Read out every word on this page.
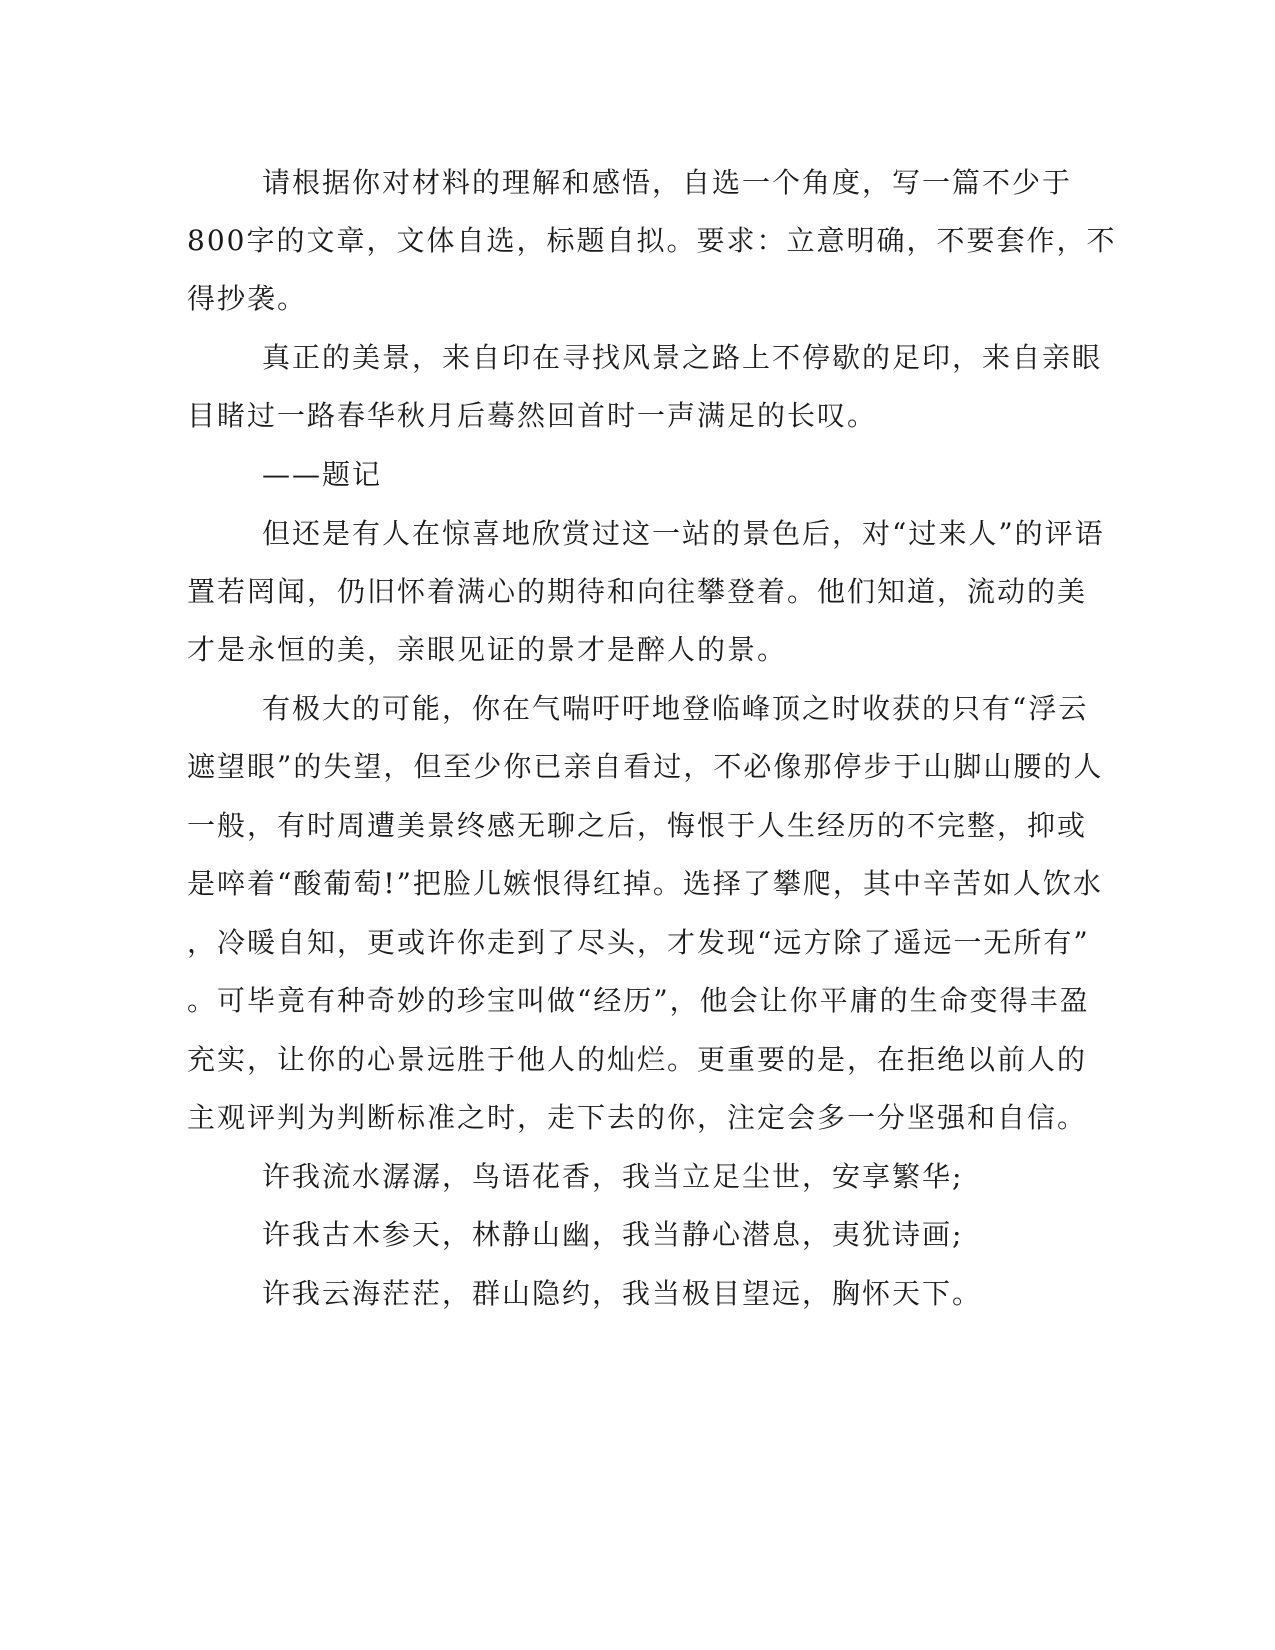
请根据你对材料的理解和感悟，自选一个角度，写一篇不少于
800字的文章，文体自选，标题自拟。要求：立意明确，不要套作，不
得抄袭。
真正的美景，来自印在寻找风景之路上不停歇的足印，来自亲眼
目睹过一路春华秋月后蓦然回首时一声满足的长叹。
——题记
但还是有人在惊喜地欣赏过这一站的景色后，对“过来人”的评语
置若罔闻，仍旧怀着满心的期待和向往攀登着。他们知道，流动的美
才是永恒的美，亲眼见证的景才是醉人的景。
有极大的可能，你在气喘吁吁地登临峰顶之时收获的只有“浮云
遮望眼”的失望，但至少你已亲自看过，不必像那停步于山脚山腰的人
一般，有时周遭美景终感无聊之后，悔恨于人生经历的不完整，抑或
是啐着“酸葡萄!”把脸儿嫉恨得红掉。选择了攀爬，其中辛苦如人饮水
，冷暖自知，更或许你走到了尽头，才发现“远方除了遥远一无所有”
。可毕竟有种奇妙的珍宝叫做“经历”，他会让你平庸的生命变得丰盈
充实，让你的心景远胜于他人的灿烂。更重要的是，在拒绝以前人的
主观评判为判断标准之时，走下去的你，注定会多一分坚强和自信。
许我流水潺潺，鸟语花香，我当立足尘世，安享繁华;
许我古木参天，林静山幽，我当静心潜息，夷犹诗画;
许我云海茫茫，群山隐约，我当极目望远，胸怀天下。
